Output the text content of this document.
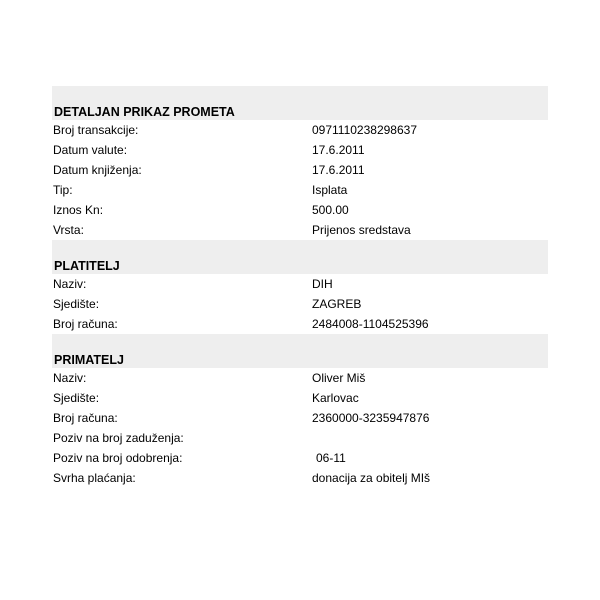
DETALJAN PRIKAZ PROMETA
Broj transakcije:	0971110238298637
Datum valute:	17.6.2011
Datum knjiženja:	17.6.2011
Tip:	Isplata
Iznos Kn:	500.00
Vrsta:	Prijenos sredstava
PLATITELJ
Naziv:	DIH
Sjedište:	ZAGREB
Broj računa:	2484008-1104525396
PRIMATELJ
Naziv:	Oliver Miš
Sjedište:	Karlovac
Broj računa:	2360000-3235947876
Poziv na broj zaduženja:
Poziv na broj odobrenja:	06-11
Svrha plaćanja:	donacija za obitelj MIš
